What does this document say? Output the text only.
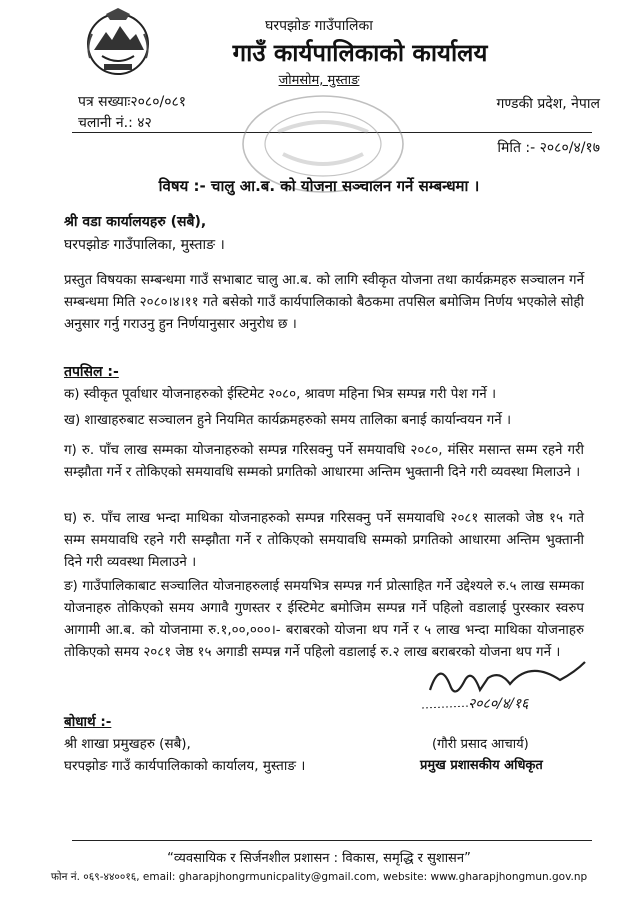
घरपझोङ गाउँपालिका
गाउँ कार्यपालिकाको कार्यालय
जोमसोम, मुस्ताङ
पत्र सख्याः२०८०/०८१
चलानी नं.: ४२
गण्डकी प्रदेश, नेपाल
मिति :- २०८०/४/१७
विषय :- चालु आ.ब. को योजना सञ्चालन गर्ने सम्बन्धमा ।
श्री वडा कार्यालयहरु (सबै),
घरपझोङ गाउँपालिका, मुस्ताङ ।
प्रस्तुत विषयका सम्बन्धमा गाउँ सभाबाट चालु आ.ब. को लागि स्वीकृत योजना तथा कार्यक्रमहरु सञ्चालन गर्ने सम्बन्धमा मिति २०८०।४।११ गते बसेको गाउँ कार्यपालिकाको बैठकमा तपसिल बमोजिम निर्णय भएकोले सोही अनुसार गर्नु गराउनु हुन निर्णयानुसार अनुरोध छ ।
तपसिल :-
क) स्वीकृत पूर्वाधार योजनाहरुको ईस्टिमेट २०८०, श्रावण महिना भित्र सम्पन्न गरी पेश गर्ने ।
ख) शाखाहरुबाट सञ्चालन हुने नियमित कार्यक्रमहरुको समय तालिका बनाई कार्यान्वयन गर्ने ।
ग) रु. पाँच लाख सम्मका योजनाहरुको सम्पन्न गरिसक्नु पर्ने समयावधि २०८०, मंसिर मसान्त सम्म रहने गरी सम्झौता गर्ने र तोकिएको समयावधि सम्मको प्रगतिको आधारमा अन्तिम भुक्तानी दिने गरी व्यवस्था मिलाउने ।
घ) रु. पाँच लाख भन्दा माथिका योजनाहरुको सम्पन्न गरिसक्नु पर्ने समयावधि २०८१ सालको जेष्ठ १५ गते सम्म समयावधि रहने गरी सम्झौता गर्ने र तोकिएको समयावधि सम्मको प्रगतिको आधारमा अन्तिम भुक्तानी दिने गरी व्यवस्था मिलाउने ।
ङ) गाउँपालिकाबाट सञ्चालित योजनाहरुलाई समयभित्र सम्पन्न गर्न प्रोत्साहित गर्ने उद्देश्यले रु.५ लाख सम्मका योजनाहरु तोकिएको समय अगावै गुणस्तर र ईस्टिमेट बमोजिम सम्पन्न गर्ने पहिलो वडालाई पुरस्कार स्वरुप आगामी आ.ब. को योजनामा रु.१,००,०००।- बराबरको योजना थप गर्ने र ५ लाख भन्दा माथिका योजनाहरु तोकिएको समय २०८१ जेष्ठ १५ अगाडी सम्पन्न गर्ने पहिलो वडालाई रु.२ लाख बराबरको योजना थप गर्ने ।
२०८०/४/१६
(गौरी प्रसाद आचार्य)
प्रमुख प्रशासकीय अधिकृत
बोधार्थ :-
श्री शाखा प्रमुखहरु (सबै),
घरपझोङ गाउँ कार्यपालिकाको कार्यालय, मुस्ताङ ।
“व्यवसायिक र सिर्जनशील प्रशासन : विकास, समृद्धि र सुशासन”
फोन नं. ०६९-४४००१६, email: gharapjhongrmunicpality@gmail.com, website: www.gharapjhongmun.gov.np
